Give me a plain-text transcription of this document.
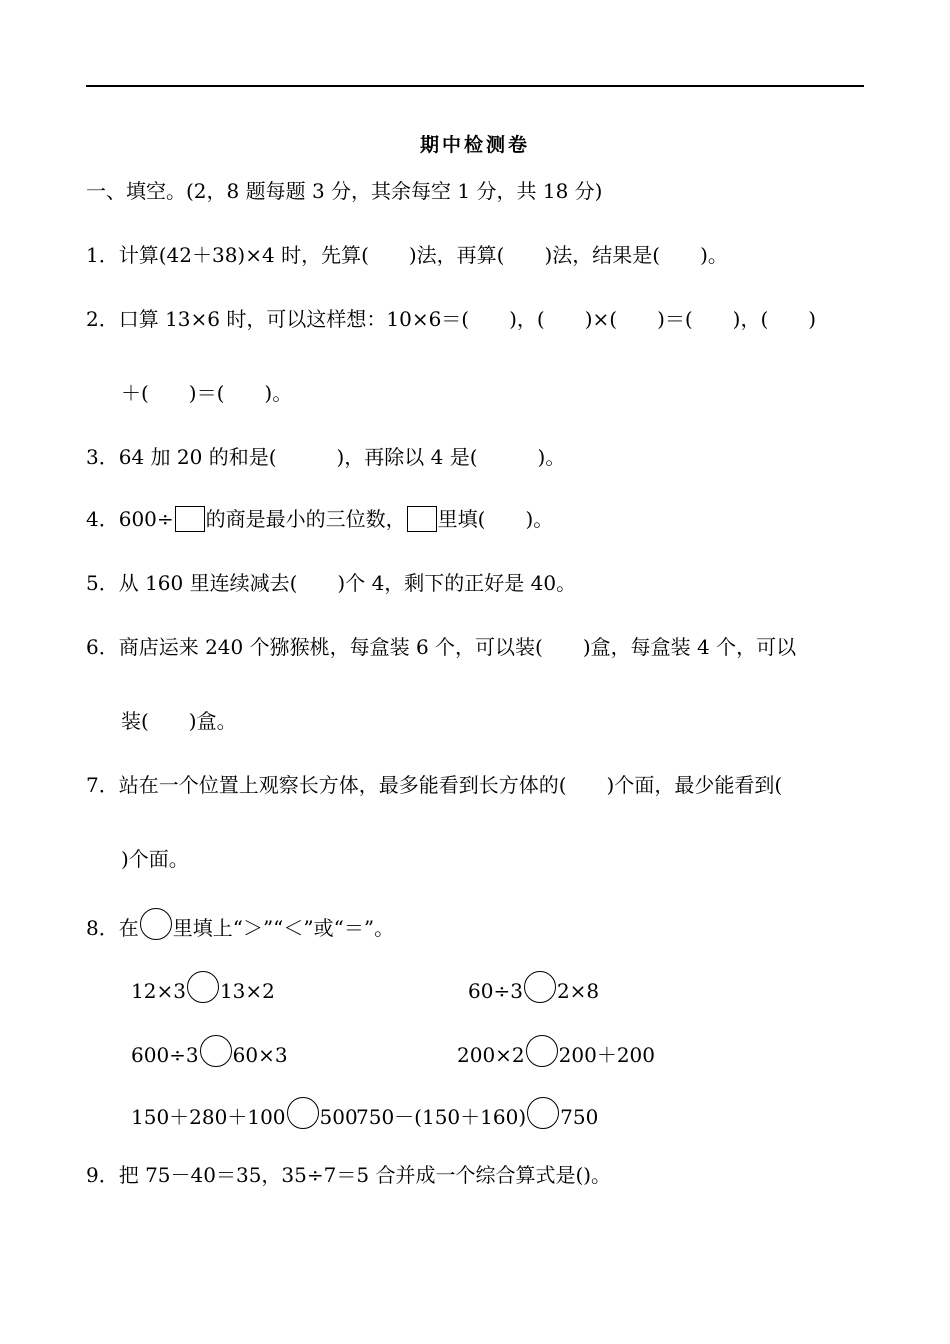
期中检测卷
一、填空。(2，8 题每题 3 分，其余每空 1 分，共 18 分)
1．计算(42＋38)×4 时，先算(　　)法，再算(　　)法，结果是(　　)。
2．口算 13×6 时，可以这样想：10×6＝(　　)，(　　)×(　　)＝(　　)，(　　)
＋(　　)＝(　　)。
3．64 加 20 的和是(　　　)，再除以 4 是(　　　)。
4．600÷ 的商是最小的三位数， 里填(　　)。
5．从 160 里连续减去(　　)个 4，剩下的正好是 40。
6．商店运来 240 个猕猴桃，每盒装 6 个，可以装(　　)盒，每盒装 4 个，可以
装(　　)盒。
7．站在一个位置上观察长方体，最多能看到长方体的(　　)个面，最少能看到(
)个面。
8．在 里填上“＞”“＜”或“＝”。
12×3 13×2	60÷3 2×8
600÷3 60×3	200×2 200＋200
150＋280＋100 500
750－(150＋160) 750
9．把 75－40＝35，35÷7＝5 合并成一个综合算式是()。
